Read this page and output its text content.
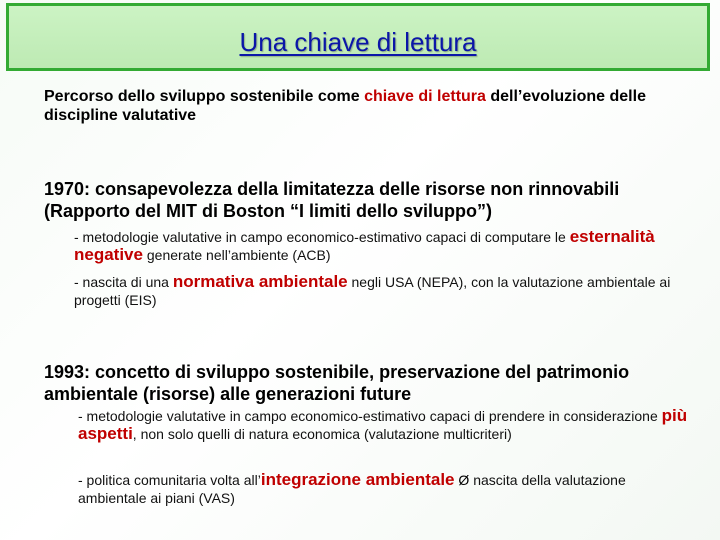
Una chiave di lettura
Percorso dello sviluppo sostenibile come chiave di lettura dell’evoluzione delle discipline valutative
1970: consapevolezza della limitatezza delle risorse non rinnovabili (Rapporto del MIT di Boston “I limiti dello sviluppo”)
- metodologie valutative in campo economico-estimativo capaci di computare le esternalità negative generate nell’ambiente (ACB)
- nascita di una normativa ambientale negli USA (NEPA), con la valutazione ambientale ai progetti (EIS)
1993: concetto di sviluppo sostenibile, preservazione del patrimonio ambientale (risorse) alle generazioni future
- metodologie valutative in campo economico-estimativo capaci di prendere in considerazione più aspetti, non solo quelli di natura economica (valutazione multicriteri)
- politica comunitaria volta all’integrazione ambientale Ø nascita della valutazione ambientale ai piani (VAS)
